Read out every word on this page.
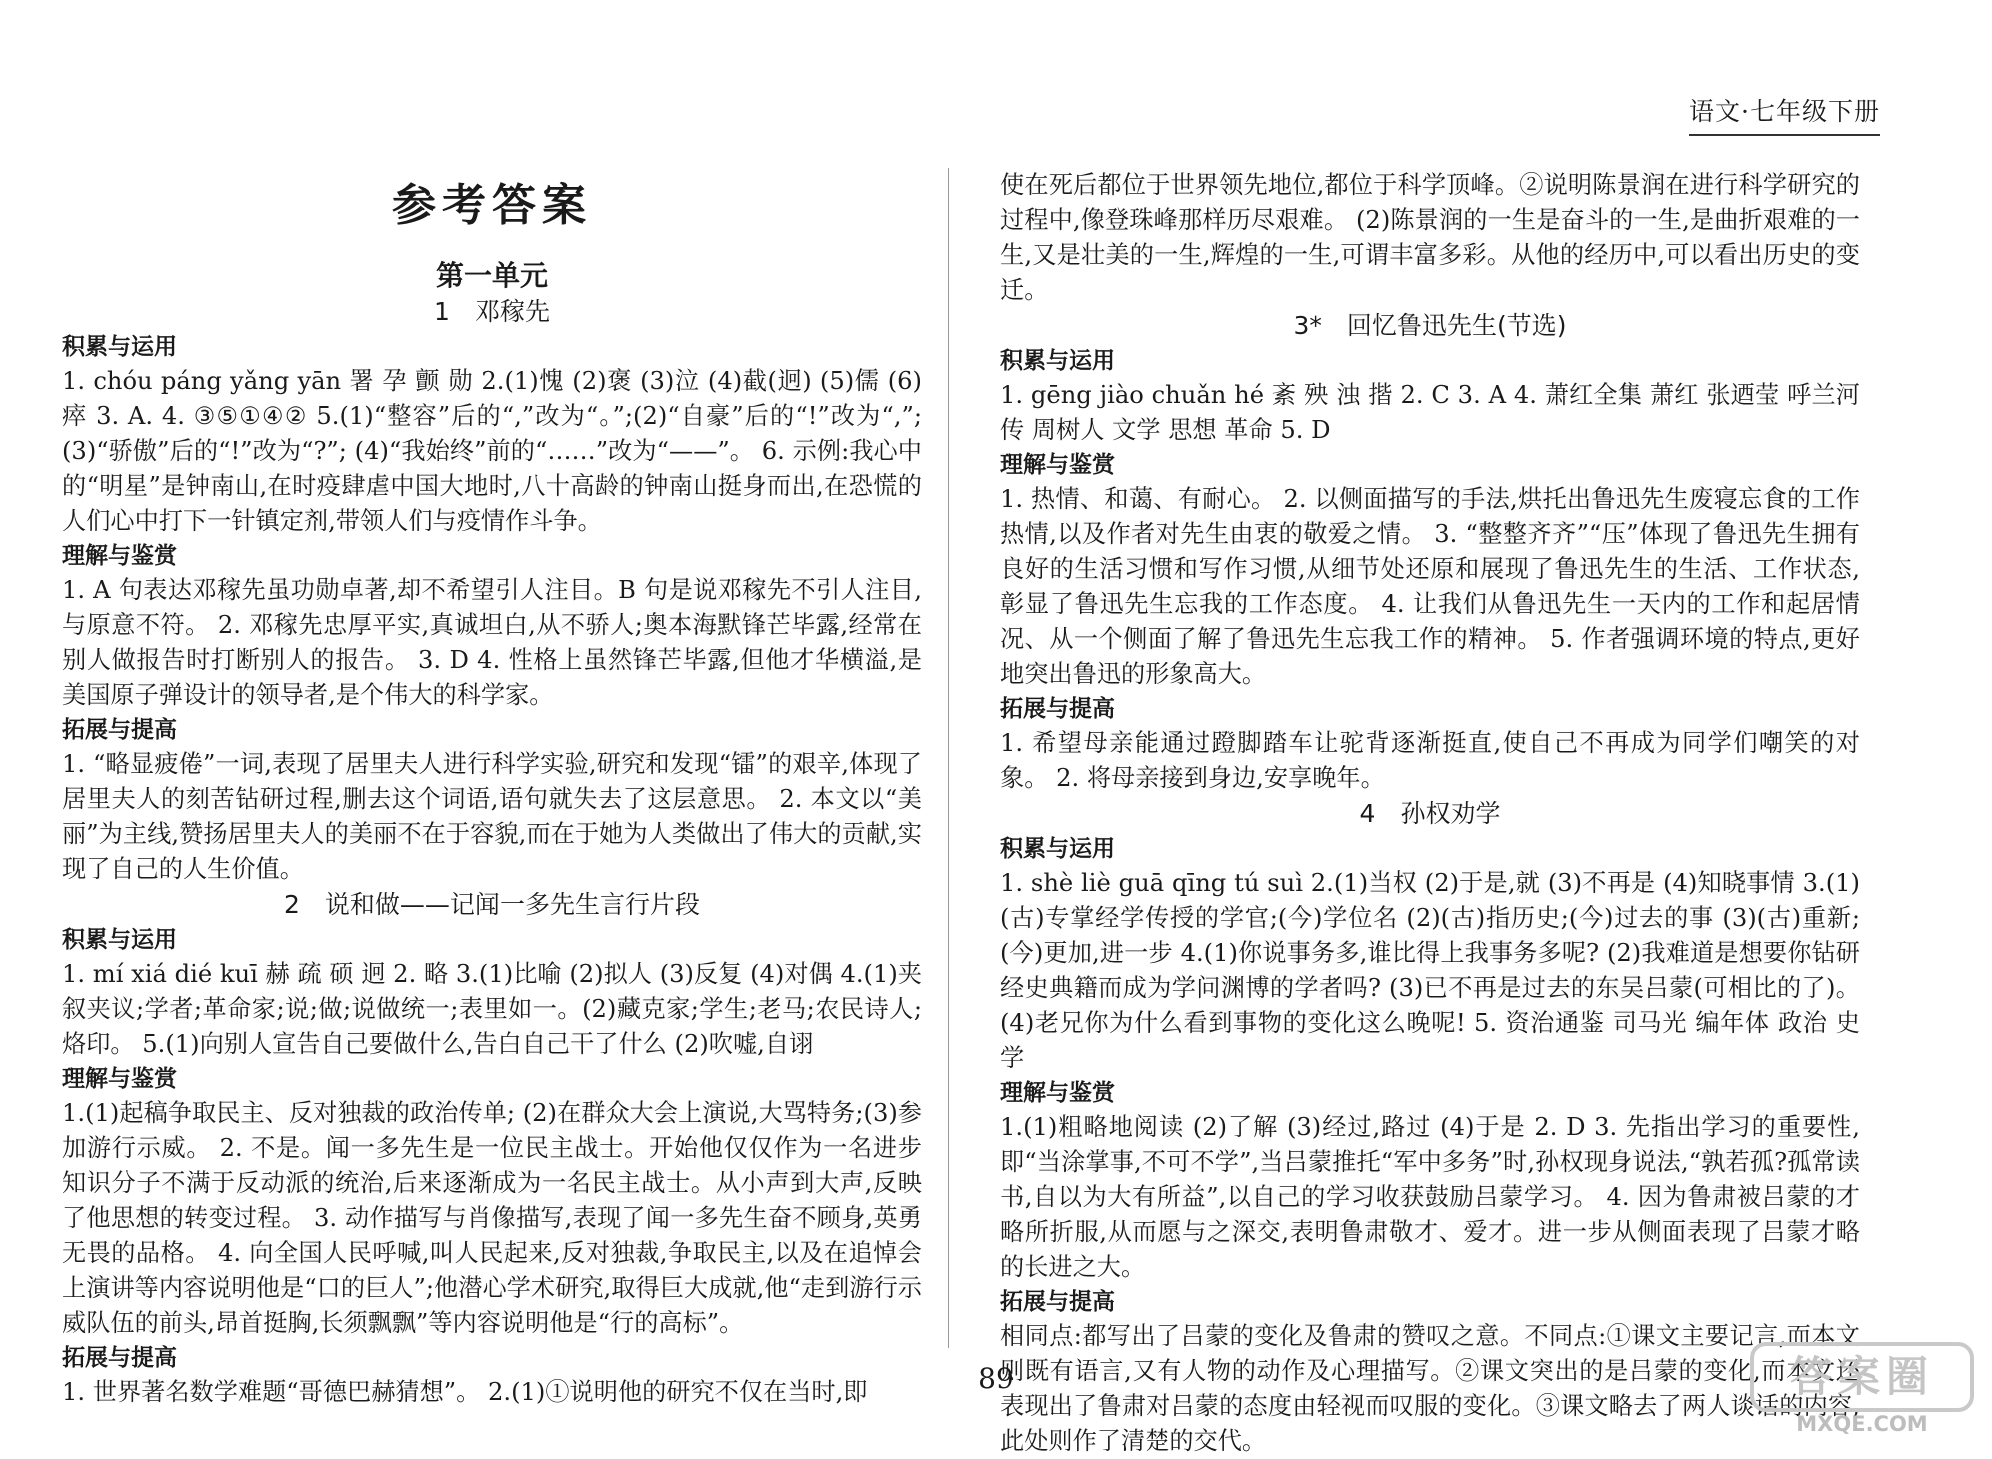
语文·七年级下册
参考答案
第一单元
1　邓稼先
积累与运用

1. chóu páng yǎng yān 署 孕 颤 勋 2.(1)愧 (2)褒 (3)泣 (4)截(迥) (5)儒 (6)瘁 3. A. 4. ③⑤①④② 5.(1)“整容”后的“,”改为“。”;(2)“自豪”后的“!”改为“,”;(3)“骄傲”后的“!”改为“?”; (4)“我始终”前的“……”改为“——”。 6. 示例:我心中的“明星”是钟南山,在时疫肆虐中国大地时,八十高龄的钟南山挺身而出,在恐慌的人们心中打下一针镇定剂,带领人们与疫情作斗争。

理解与鉴赏

1. A 句表达邓稼先虽功勋卓著,却不希望引人注目。B 句是说邓稼先不引人注目,与原意不符。 2. 邓稼先忠厚平实,真诚坦白,从不骄人;奥本海默锋芒毕露,经常在别人做报告时打断别人的报告。 3. D 4. 性格上虽然锋芒毕露,但他才华横溢,是美国原子弹设计的领导者,是个伟大的科学家。

拓展与提高

1. “略显疲倦”一词,表现了居里夫人进行科学实验,研究和发现“镭”的艰辛,体现了居里夫人的刻苦钻研过程,删去这个词语,语句就失去了这层意思。 2. 本文以“美丽”为主线,赞扬居里夫人的美丽不在于容貌,而在于她为人类做出了伟大的贡献,实现了自己的人生价值。

2　说和做——记闻一多先生言行片段
积累与运用

1. mí xiá dié kuī 赫 疏 硕 迥 2. 略 3.(1)比喻 (2)拟人 (3)反复 (4)对偶 4.(1)夹叙夹议;学者;革命家;说;做;说做统一;表里如一。(2)藏克家;学生;老马;农民诗人;烙印。 5.(1)向别人宣告自己要做什么,告白自己干了什么 (2)吹嘘,自诩

理解与鉴赏

1.(1)起稿争取民主、反对独裁的政治传单; (2)在群众大会上演说,大骂特务;(3)参加游行示威。 2. 不是。闻一多先生是一位民主战士。开始他仅仅作为一名进步知识分子不满于反动派的统治,后来逐渐成为一名民主战士。从小声到大声,反映了他思想的转变过程。 3. 动作描写与肖像描写,表现了闻一多先生奋不顾身,英勇无畏的品格。 4. 向全国人民呼喊,叫人民起来,反对独裁,争取民主,以及在追悼会上演讲等内容说明他是“口的巨人”;他潜心学术研究,取得巨大成就,他“走到游行示威队伍的前头,昂首挺胸,长须飘飘”等内容说明他是“行的高标”。

拓展与提高

1. 世界著名数学难题“哥德巴赫猜想”。 2.(1)①说明他的研究不仅在当时,即

使在死后都位于世界领先地位,都位于科学顶峰。②说明陈景润在进行科学研究的过程中,像登珠峰那样历尽艰难。 (2)陈景润的一生是奋斗的一生,是曲折艰难的一生,又是壮美的一生,辉煌的一生,可谓丰富多彩。从他的经历中,可以看出历史的变迁。

3*　回忆鲁迅先生(节选)
积累与运用

1. gēng jiào chuǎn hé 紊 殃 浊 揩 2. C 3. A 4. 萧红全集 萧红 张迺莹 呼兰河传 周树人 文学 思想 革命 5. D

理解与鉴赏

1. 热情、和蔼、有耐心。 2. 以侧面描写的手法,烘托出鲁迅先生废寝忘食的工作热情,以及作者对先生由衷的敬爱之情。 3. “整整齐齐”“压”体现了鲁迅先生拥有良好的生活习惯和写作习惯,从细节处还原和展现了鲁迅先生的生活、工作状态,彰显了鲁迅先生忘我的工作态度。 4. 让我们从鲁迅先生一天内的工作和起居情况、从一个侧面了解了鲁迅先生忘我工作的精神。 5. 作者强调环境的特点,更好地突出鲁迅的形象高大。

拓展与提高

1. 希望母亲能通过蹬脚踏车让驼背逐渐挺直,使自己不再成为同学们嘲笑的对象。 2. 将母亲接到身边,安享晚年。

4　孙权劝学
积累与运用

1. shè liè guā qīng tú suì 2.(1)当权 (2)于是,就 (3)不再是 (4)知晓事情 3.(1)(古)专掌经学传授的学官;(今)学位名 (2)(古)指历史;(今)过去的事 (3)(古)重新;(今)更加,进一步 4.(1)你说事务多,谁比得上我事务多呢? (2)我难道是想要你钻研经史典籍而成为学问渊博的学者吗? (3)已不再是过去的东吴吕蒙(可相比的了)。 (4)老兄你为什么看到事物的变化这么晚呢! 5. 资治通鉴 司马光 编年体 政治 史学

理解与鉴赏

1.(1)粗略地阅读 (2)了解 (3)经过,路过 (4)于是 2. D 3. 先指出学习的重要性,即“当涂掌事,不可不学”,当吕蒙推托“军中多务”时,孙权现身说法,“孰若孤?孤常读书,自以为大有所益”,以自己的学习收获鼓励吕蒙学习。 4. 因为鲁肃被吕蒙的才略所折服,从而愿与之深交,表明鲁肃敬才、爱才。进一步从侧面表现了吕蒙才略的长进之大。

拓展与提高

相同点:都写出了吕蒙的变化及鲁肃的赞叹之意。不同点:①课文主要记言,而本文则既有语言,又有人物的动作及心理描写。②课文突出的是吕蒙的变化,而本文还表现出了鲁肃对吕蒙的态度由轻视而叹服的变化。③课文略去了两人谈话的内容,此处则作了清楚的交代。

89	答案圈
MXQE.COM
